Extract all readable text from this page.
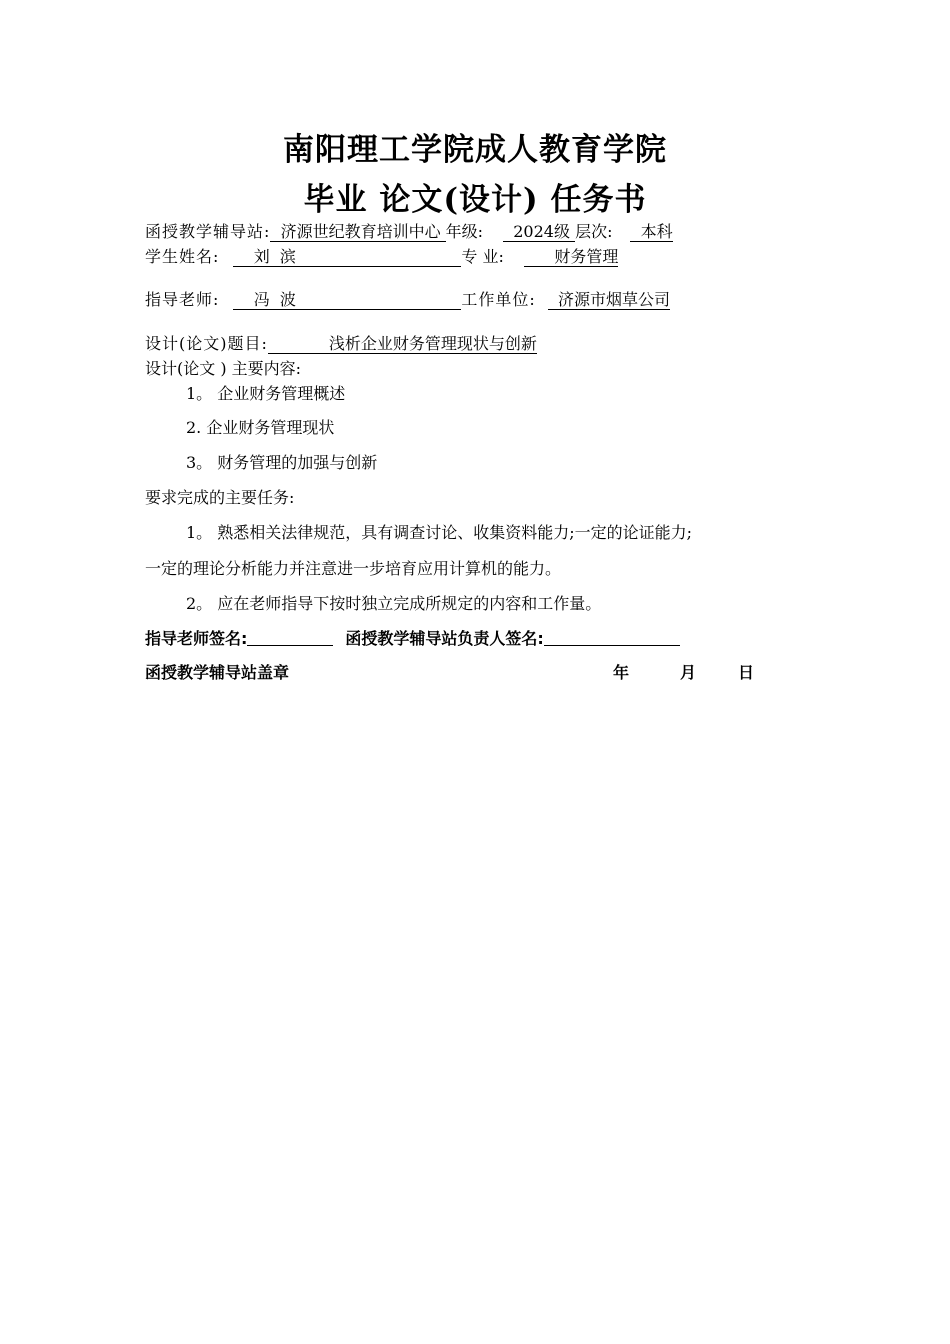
南阳理工学院成人教育学院
毕业 论文(设计) 任务书
函授教学辅导站:  济源世纪教育培训中心 年级:  2024级 层次:  本科
学生姓名:    刘  滨	专 业:      财务管理
指导老师:    冯  波	工作单位:  济源市烟草公司
设计(论文)题目:            浅析企业财务管理现状与创新
设计(论文 ) 主要内容:
1。 企业财务管理概述
2. 企业财务管理现状
3。 财务管理的加强与创新
要求完成的主要任务:
1。 熟悉相关法律规范，具有调查讨论、收集资料能力;一定的论证能力;
一定的理论分析能力并注意进一步培育应用计算机的能力。
2。 应在老师指导下按时独立完成所规定的内容和工作量。
指导老师签名:	函授教学辅导站负责人签名:
函授教学辅导站盖章	年	月	日
